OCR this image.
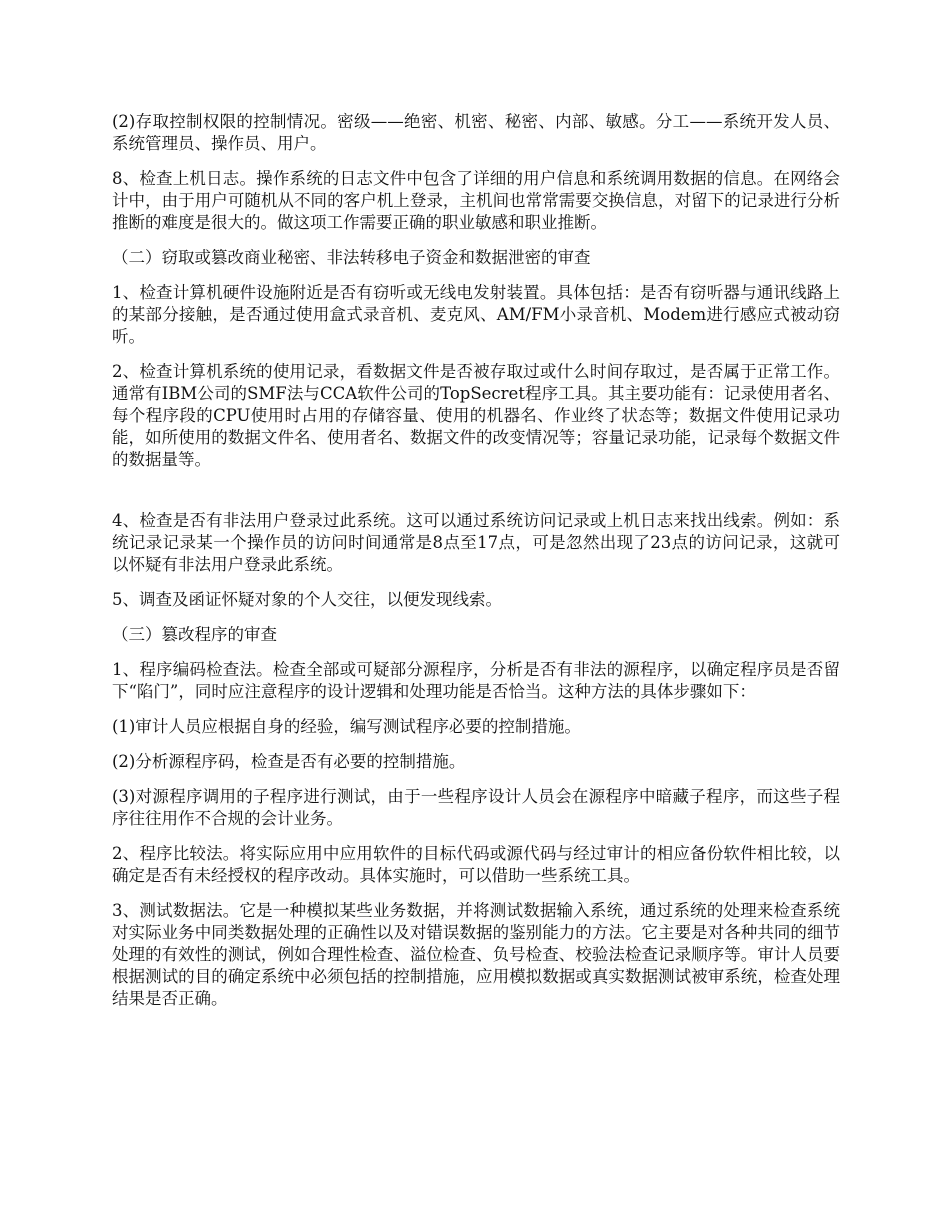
(2)存取控制权限的控制情况。密级——绝密、机密、秘密、内部、敏感。分工——系统开发人员、系统管理员、操作员、用户。

8、检查上机日志。操作系统的日志文件中包含了详细的用户信息和系统调用数据的信息。在网络会计中，由于用户可随机从不同的客户机上登录，主机间也常常需要交换信息，对留下的记录进行分析推断的难度是很大的。做这项工作需要正确的职业敏感和职业推断。

（二）窃取或篡改商业秘密、非法转移电子资金和数据泄密的审查

1、检查计算机硬件设施附近是否有窃听或无线电发射装置。具体包括：是否有窃听器与通讯线路上的某部分接触，是否通过使用盒式录音机、麦克风、AM/FM小录音机、Modem进行感应式被动窃听。

2、检查计算机系统的使用记录，看数据文件是否被存取过或什么时间存取过，是否属于正常工作。通常有IBM公司的SMF法与CCA软件公司的TopSecret程序工具。其主要功能有：记录使用者名、每个程序段的CPU使用时占用的存储容量、使用的机器名、作业终了状态等；数据文件使用记录功能，如所使用的数据文件名、使用者名、数据文件的改变情况等；容量记录功能，记录每个数据文件的数据量等。

4、检查是否有非法用户登录过此系统。这可以通过系统访问记录或上机日志来找出线索。例如：系统记录记录某一个操作员的访问时间通常是8点至17点，可是忽然出现了23点的访问记录，这就可以怀疑有非法用户登录此系统。

5、调查及函证怀疑对象的个人交往，以便发现线索。

（三）篡改程序的审查

1、程序编码检查法。检查全部或可疑部分源程序，分析是否有非法的源程序，以确定程序员是否留下“陷门”，同时应注意程序的设计逻辑和处理功能是否恰当。这种方法的具体步骤如下：

(1)审计人员应根据自身的经验，编写测试程序必要的控制措施。

(2)分析源程序码，检查是否有必要的控制措施。

(3)对源程序调用的子程序进行测试，由于一些程序设计人员会在源程序中暗藏子程序，而这些子程序往往用作不合规的会计业务。

2、程序比较法。将实际应用中应用软件的目标代码或源代码与经过审计的相应备份软件相比较，以确定是否有未经授权的程序改动。具体实施时，可以借助一些系统工具。

3、测试数据法。它是一种模拟某些业务数据，并将测试数据输入系统，通过系统的处理来检查系统对实际业务中同类数据处理的正确性以及对错误数据的鉴别能力的方法。它主要是对各种共同的细节处理的有效性的测试，例如合理性检查、溢位检查、负号检查、校验法检查记录顺序等。审计人员要根据测试的目的确定系统中必须包括的控制措施，应用模拟数据或真实数据测试被审系统，检查处理结果是否正确。
